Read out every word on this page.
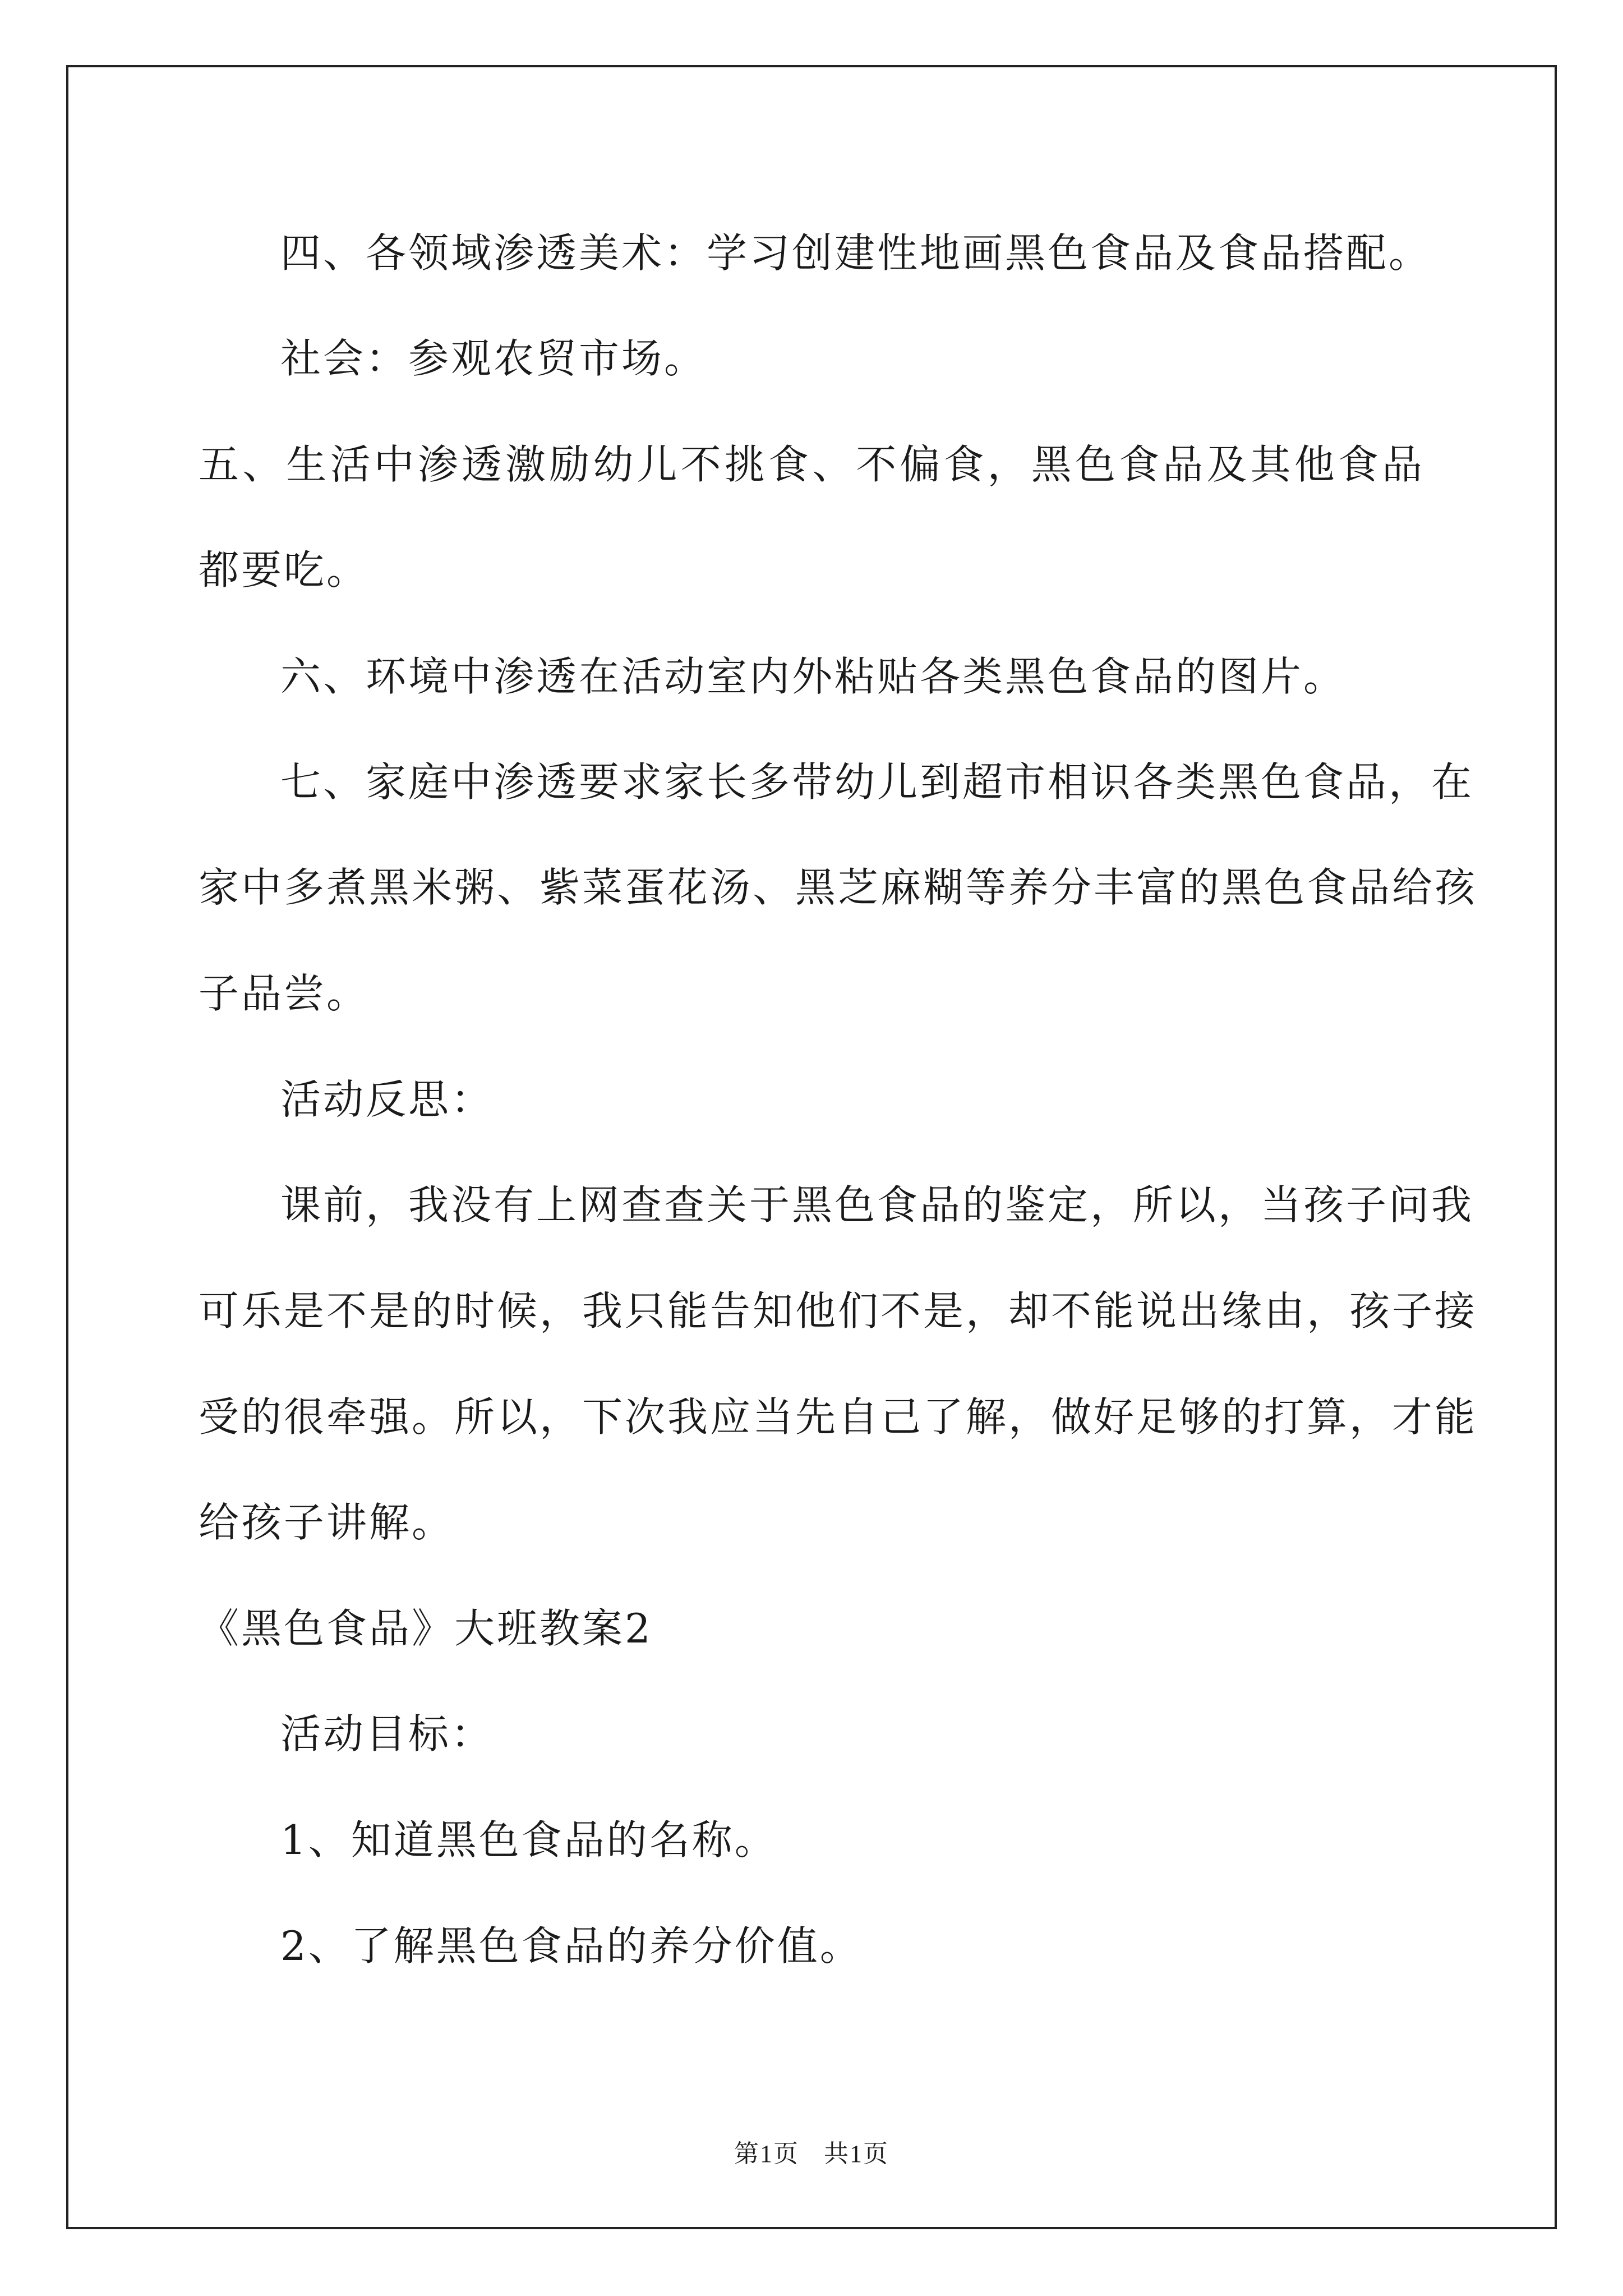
四、各领域渗透美术：学习创建性地画黑色食品及食品搭配。
社会：参观农贸市场。
五、生活中渗透激励幼儿不挑食、不偏食，黑色食品及其他食品
都要吃。
六、环境中渗透在活动室内外粘贴各类黑色食品的图片。
七、家庭中渗透要求家长多带幼儿到超市相识各类黑色食品，在
家中多煮黑米粥、紫菜蛋花汤、黑芝麻糊等养分丰富的黑色食品给孩
子品尝。
活动反思：
课前，我没有上网查查关于黑色食品的鉴定，所以，当孩子问我
可乐是不是的时候，我只能告知他们不是，却不能说出缘由，孩子接
受的很牵强。所以，下次我应当先自己了解，做好足够的打算，才能
给孩子讲解。
《黑色食品》大班教案2
活动目标：
1、知道黑色食品的名称。
2、了解黑色食品的养分价值。
第1页 共1页
